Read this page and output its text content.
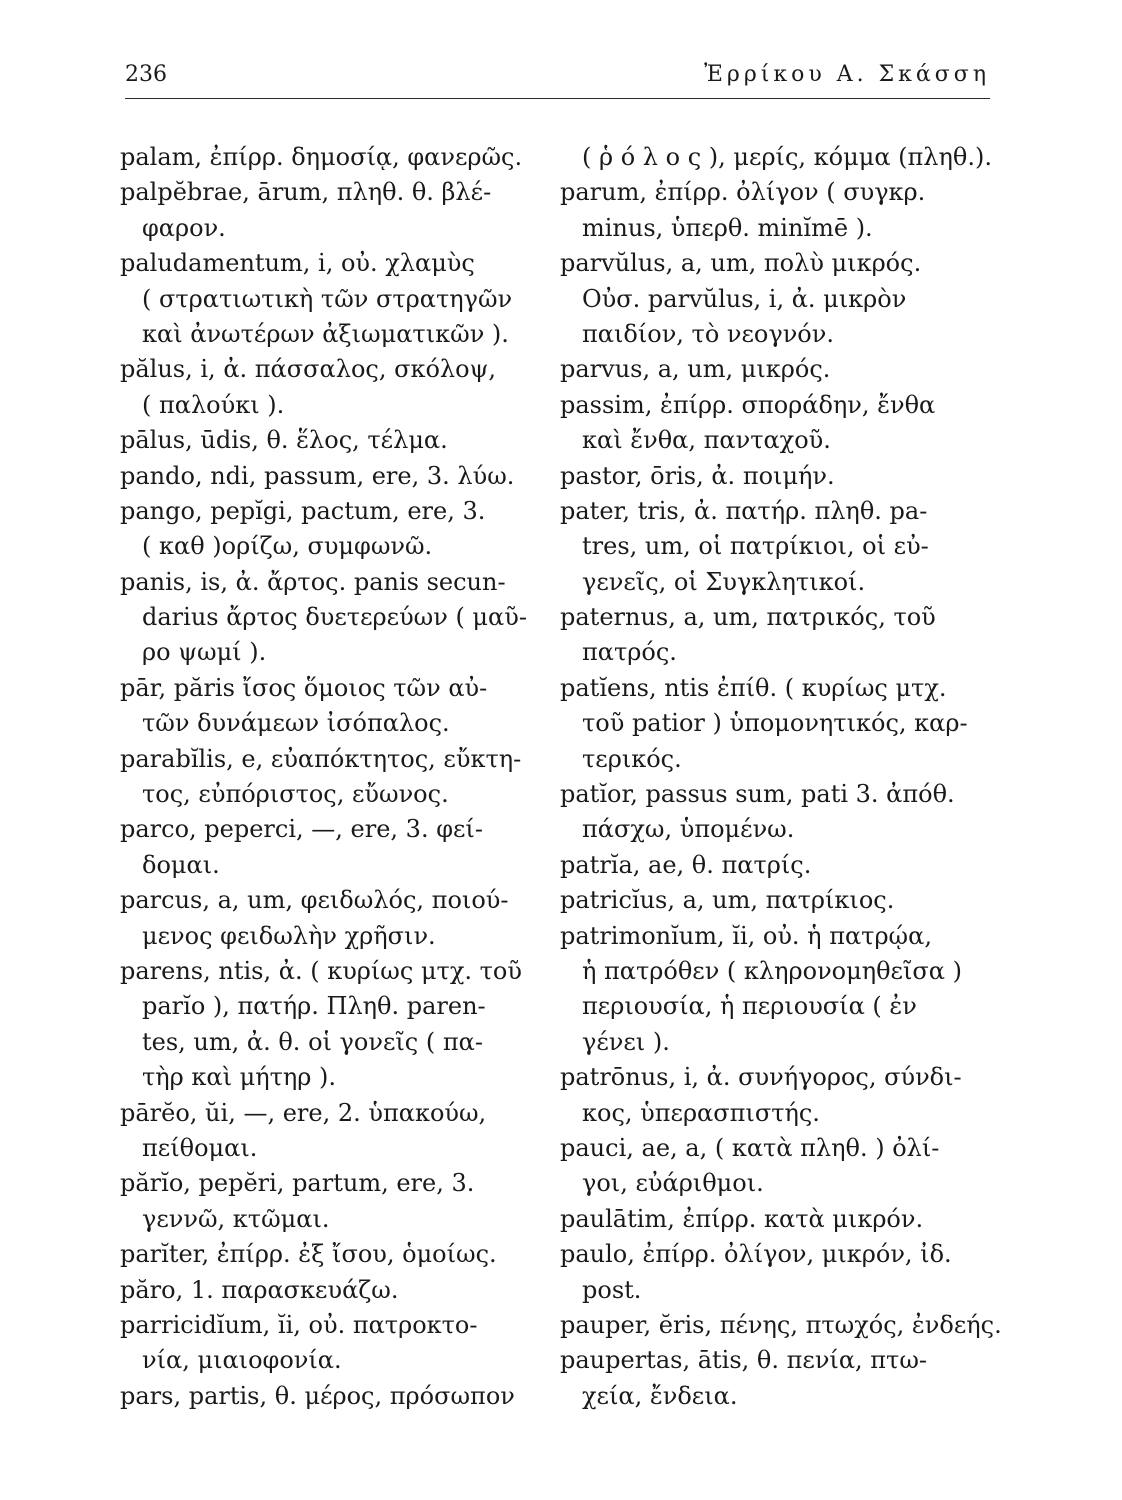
236	Ἐρρίκου Α. Σκάσση
palam, ἐπίρρ. δημοσίᾳ, φανερῶς.
palpĕbrae, ārum, πληθ. θ. βλέ-
φαρον.
paludamentum, i, οὐ. χλαμὺς
( στρατιωτικὴ τῶν στρατηγῶν
καὶ ἀνωτέρων ἀξιωματικῶν ).
pălus, i, ἀ. πάσσαλος, σκόλοψ,
( παλούκι ).
pālus, ūdis, θ. ἕλος, τέλμα.
pando, ndi, passum, ere, 3. λύω.
pango, pepĭgi, pactum, ere, 3.
( καθ )ορίζω, συμφωνῶ.
panis, is, ἀ. ἄρτος. panis secun-
darius ἄρτος δυετερεύων ( μαῦ-
ρο ψωμί ).
pār, păris ἴσος ὅμοιος τῶν αὐ-
τῶν δυνάμεων ἰσόπαλος.
parabĭlis, e, εὐαπόκτητος, εὔκτη-
τος, εὐπόριστος, εὔωνος.
parco, peperci, —, ere, 3. φεί-
δομαι.
parcus, a, um, φειδωλός, ποιού-
μενος φειδωλὴν χρῆσιν.
parens, ntis, ἀ. ( κυρίως μτχ. τοῦ
parĭo ), πατήρ. Πληθ. paren-
tes, um, ἀ. θ. οἱ γονεῖς ( πα-
τὴρ καὶ μήτηρ ).
pārĕo, ŭi, —, ere, 2. ὑπακούω,
πείθομαι.
părĭo, pepĕri, partum, ere, 3.
γεννῶ, κτῶμαι.
parĭter, ἐπίρρ. ἐξ ἴσου, ὁμοίως.
păro, 1. παρασκευάζω.
parricidĭum, ĭi, οὐ. πατροκτο-
νία, μιαιοφονία.
pars, partis, θ. μέρος, πρόσωπον
( ῥ ό λ ο ς ), μερίς, κόμμα (πληθ.).
parum, ἐπίρρ. ὀλίγον ( συγκρ.
minus, ὑπερθ. minĭmē ).
parvŭlus, a, um, πολὺ μικρός.
Οὐσ. parvŭlus, i, ἀ. μικρὸν
παιδίον, τὸ νεογνόν.
parvus, a, um, μικρός.
passim, ἐπίρρ. σποράδην, ἔνθα
καὶ ἔνθα, πανταχοῦ.
pastor, ōris, ἀ. ποιμήν.
pater, tris, ἀ. πατήρ. πληθ. pa-
tres, um, οἱ πατρίκιοι, οἱ εὐ-
γενεῖς, οἱ Συγκλητικοί.
paternus, a, um, πατρικός, τοῦ
πατρός.
patĭens, ntis ἐπίθ. ( κυρίως μτχ.
τοῦ patior ) ὑπομονητικός, καρ-
τερικός.
patĭor, passus sum, pati 3. ἀπόθ.
πάσχω, ὑπομένω.
patrĭa, ae, θ. πατρίς.
patricĭus, a, um, πατρίκιος.
patrimonĭum, ĭi, οὐ. ἡ πατρῴα,
ἡ πατρόθεν ( κληρονομηθεῖσα )
περιουσία, ἡ περιουσία ( ἐν
γένει ).
patrōnus, i, ἀ. συνήγορος, σύνδι-
κος, ὑπερασπιστής.
pauci, ae, a, ( κατὰ πληθ. ) ὀλί-
γοι, εὐάριθμοι.
paulātim, ἐπίρρ. κατὰ μικρόν.
paulo, ἐπίρρ. ὀλίγον, μικρόν, ἰδ.
post.
pauper, ĕris, πένης, πτωχός, ἐνδεής.
paupertas, ātis, θ. πενία, πτω-
χεία, ἔνδεια.
